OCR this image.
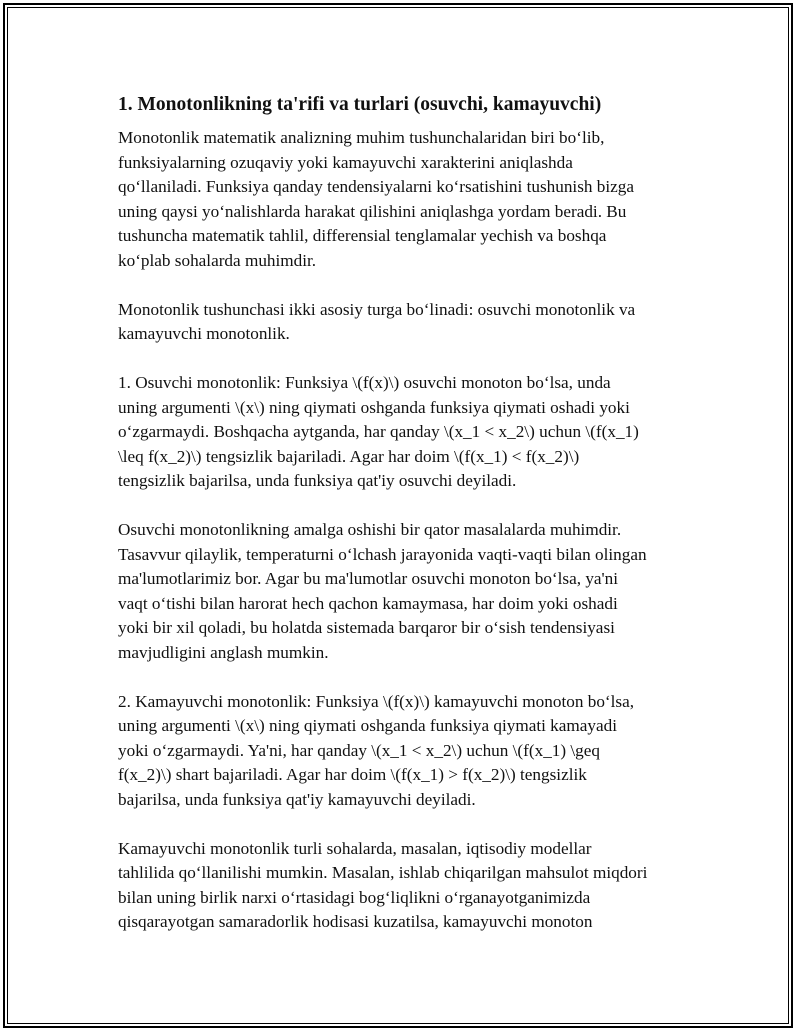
1. Monotonlikning ta'rifi va turlari (osuvchi, kamayuvchi)

Monotonlik matematik analizning muhim tushunchalaridan biri bo‘lib,
funksiyalarning ozuqaviy yoki kamayuvchi xarakterini aniqlashda
qo‘llaniladi. Funksiya qanday tendensiyalarni ko‘rsatishini tushunish bizga
uning qaysi yo‘nalishlarda harakat qilishini aniqlashga yordam beradi. Bu
tushuncha matematik tahlil, differensial tenglamalar yechish va boshqa
ko‘plab sohalarda muhimdir.

Monotonlik tushunchasi ikki asosiy turga bo‘linadi: osuvchi monotonlik va
kamayuvchi monotonlik.

1. Osuvchi monotonlik: Funksiya \(f(x)\) osuvchi monoton bo‘lsa, unda
uning argumenti \(x\) ning qiymati oshganda funksiya qiymati oshadi yoki
o‘zgarmaydi. Boshqacha aytganda, har qanday \(x_1 < x_2\) uchun \(f(x_1)
\leq f(x_2)\) tengsizlik bajariladi. Agar har doim \(f(x_1) < f(x_2)\)
tengsizlik bajarilsa, unda funksiya qat'iy osuvchi deyiladi.

Osuvchi monotonlikning amalga oshishi bir qator masalalarda muhimdir.
Tasavvur qilaylik, temperaturni o‘lchash jarayonida vaqti-vaqti bilan olingan
ma'lumotlarimiz bor. Agar bu ma'lumotlar osuvchi monoton bo‘lsa, ya'ni
vaqt o‘tishi bilan harorat hech qachon kamaymasa, har doim yoki oshadi
yoki bir xil qoladi, bu holatda sistemada barqaror bir o‘sish tendensiyasi
mavjudligini anglash mumkin.

2. Kamayuvchi monotonlik: Funksiya \(f(x)\) kamayuvchi monoton bo‘lsa,
uning argumenti \(x\) ning qiymati oshganda funksiya qiymati kamayadi
yoki o‘zgarmaydi. Ya'ni, har qanday \(x_1 < x_2\) uchun \(f(x_1) \geq
f(x_2)\) shart bajariladi. Agar har doim \(f(x_1) > f(x_2)\) tengsizlik
bajarilsa, unda funksiya qat'iy kamayuvchi deyiladi.

Kamayuvchi monotonlik turli sohalarda, masalan, iqtisodiy modellar
tahlilida qo‘llanilishi mumkin. Masalan, ishlab chiqarilgan mahsulot miqdori
bilan uning birlik narxi o‘rtasidagi bog‘liqlikni o‘rganayotganimizda
qisqarayotgan samaradorlik hodisasi kuzatilsa, kamayuvchi monoton
